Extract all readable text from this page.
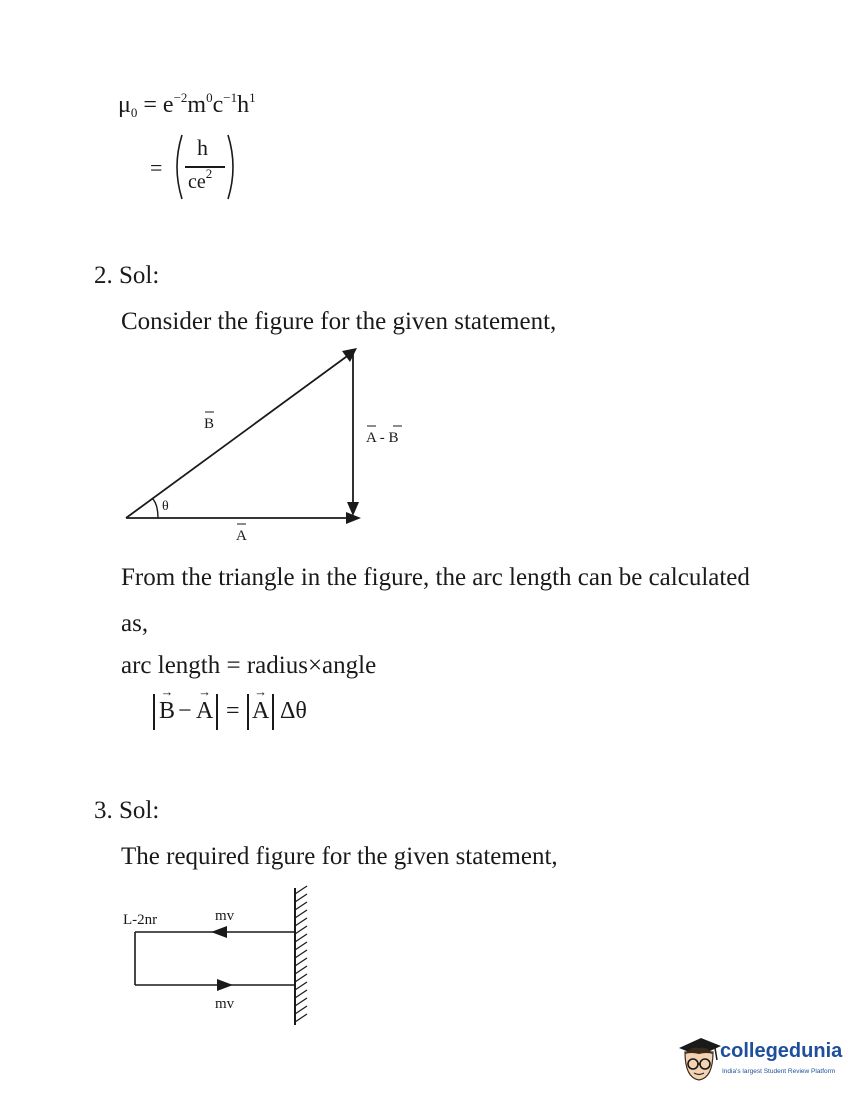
$\mu_0 = e^{-2}m^0c^{-1}h^1$
=
h
$ce^2$
2. Sol:
Consider the figure for the given statement,
θ
B
A - B
A
From the triangle in the figure, the arc length can be calculated
as,
arc length = radius×angle
→ B − → A = → A Δθ
3. Sol:
The required figure for the given statement,
L-2nr	mv
mv
collegedunia
India's largest Student Review Platform
